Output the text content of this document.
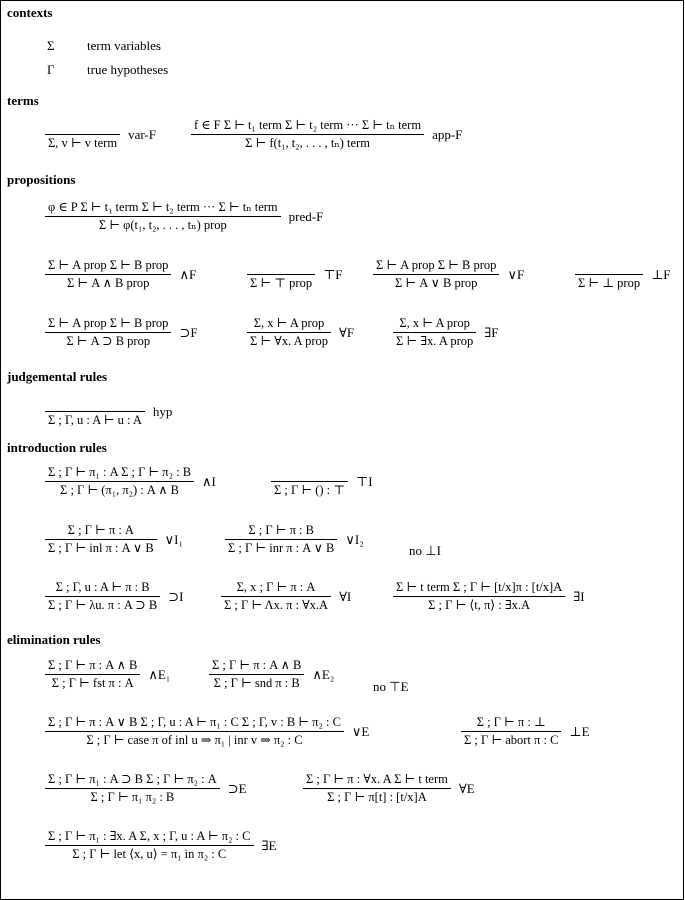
contexts
Σ term variables
Γ true hypotheses
terms
Σ, v ⊢ v term
var-F	$\frac{\text{f ∈ F Σ ⊢ t₁ term Σ ⊢ t₂ term ··· Σ ⊢ tₙ term}}{\text{Σ ⊢ f(t₁, t₂, . . . , tₙ) term}} app-F$
propositions
$\frac{\text{φ ∈ P Σ ⊢ t₁ term Σ ⊢ t₂ term ··· Σ ⊢ tₙ term}}{\text{Σ ⊢ φ(t₁, t₂, . . . , tₙ) prop}}$ pred-F
$\frac{\text{Σ ⊢ A prop Σ ⊢ B prop}}{\text{Σ ⊢ A ∧ B prop}}$ ∧F
Σ ⊢ ⊤ prop
⊤F $\frac{\text{Σ ⊢ A prop Σ ⊢ B prop}}{\text{Σ ⊢ A ∨ B prop}}$ ∨F
Σ ⊢ ⊥ prop
⊥F
$\frac{\text{Σ ⊢ A prop Σ ⊢ B prop}}{\text{Σ ⊢ A ⊃ B prop}}$ ⊃F	$\frac{\text{Σ, x ⊢ A prop}}{\text{Σ ⊢ ∀x. A prop}}$ ∀F	$\frac{\text{Σ, x ⊢ A prop}}{\text{Σ ⊢ ∃x. A prop}}$ ∃F
judgemental rules
Σ ; Γ, u : A ⊢ u : A
hyp
introduction rules
$\frac{\text{Σ ; Γ ⊢ π₁ : A Σ ; Γ ⊢ π₂ : B}}{\text{Σ ; Γ ⊢ (π₁, π₂) : A ∧ B}}$ ∧I
Σ ; Γ ⊢ () : ⊤
⊤I
$\frac{\Sigma ; \Gamma ⊢ \pi : A}{\text{Σ ; Γ ⊢ inl π : A ∨ B}}$ ∨I₁	$\frac{\Sigma ; \Gamma ⊢ \pi : B}{\text{Σ ; Γ ⊢ inr π : A ∨ B}}$ ∨I₂
no ⊥I
$\frac{\Sigma ; \Gamma, u : A ⊢ \pi : B}{\Sigma ; \Gamma ⊢ \lambda u. \pi : A ⊃ B}$ ⊃I	$\frac{\Sigma, x ; \Gamma ⊢ \pi : A}{\Sigma ; \Gamma ⊢ \Lambda x. \pi : \forall x.A}$ ∀I	$\frac{\text{Σ ⊢ t term Σ ; Γ ⊢ [t/x]π : [t/x]A}}{\Sigma ; \Gamma ⊢ ⟨t, \pi⟩ : \exists x.A}$ ∃I
elimination rules
$\frac{\Sigma ; \Gamma ⊢ \pi : A \wedge B}{\text{Σ ; Γ ⊢ fst π : A}}$ ∧E₁	$\frac{\Sigma ; \Gamma ⊢ \pi : A \wedge B}{\text{Σ ; Γ ⊢ snd π : B}}$ ∧E₂
no ⊤E
Σ ; Γ ⊢ π : A ∨ B Σ ; Γ, u : A ⊢ π₁ : C Σ ; Γ, v : B ⊢ π₂ : C
Σ ; Γ ⊢ case π of inl u ⇒ π₁ | inr v ⇒ π₂ : C
∨E	$\frac{\Sigma ; \Gamma ⊢ \pi : \perp}{\text{Σ ; Γ ⊢ abort π : C}}$ ⊥E
$\frac{\text{Σ ; Γ ⊢ π₁ : A ⊃ B Σ ; Γ ⊢ π₂ : A}}{\text{Σ ; Γ ⊢ π₁ π₂ : B}}$ ⊃E	$\frac{\text{Σ ; Γ ⊢ π : ∀x. A Σ ⊢ t term}}{\Sigma ; \Gamma ⊢ \pi[t] : [t/x]A}$ ∀E
$\frac{\text{Σ ; Γ ⊢ π₁ : ∃x. A Σ, x ; Γ, u : A ⊢ π₂ : C}}{\text{Σ ; Γ ⊢ let ⟨x, u⟩ = π₁ in π₂ : C}}$ ∃E
